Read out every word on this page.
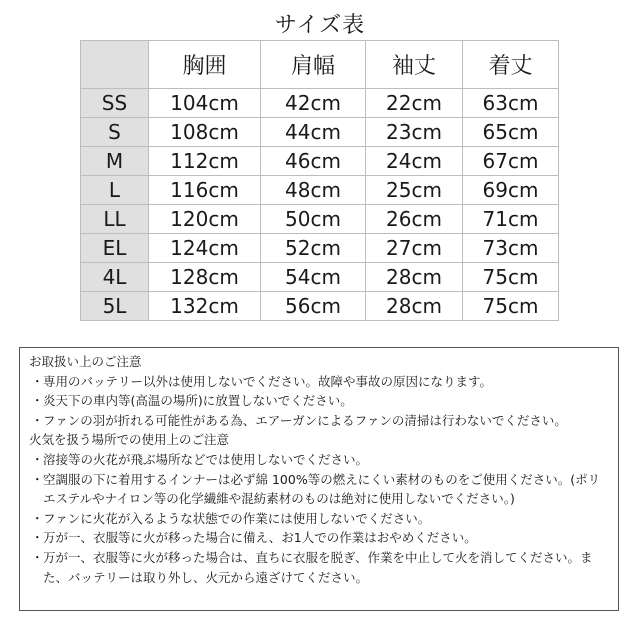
サイズ表
	胸囲	肩幅	袖丈	着丈
SS	104cm	42cm	22cm	63cm
S	108cm	44cm	23cm	65cm
M	112cm	46cm	24cm	67cm
L	116cm	48cm	25cm	69cm
LL	120cm	50cm	26cm	71cm
EL	124cm	52cm	27cm	73cm
4L	128cm	54cm	28cm	75cm
5L	132cm	56cm	28cm	75cm
お取扱い上のご注意
・専用のバッテリー以外は使用しないでください。故障や事故の原因になります。
・炎天下の車内等(高温の場所)に放置しないでください。
・ファンの羽が折れる可能性がある為、エアーガンによるファンの清掃は行わないでください。
火気を扱う場所での使用上のご注意
・溶接等の火花が飛ぶ場所などでは使用しないでください。
・空調服の下に着用するインナーは必ず綿 100%等の燃えにくい素材のものをご使用ください。(ポリエステルやナイロン等の化学繊維や混紡素材のものは絶対に使用しないでください。)
・ファンに火花が入るような状態での作業には使用しないでください。
・万が一、衣服等に火が移った場合に備え、お1人での作業はおやめください。
・万が一、衣服等に火が移った場合は、直ちに衣服を脱ぎ、作業を中止して火を消してください。また、バッテリーは取り外し、火元から遠ざけてください。
